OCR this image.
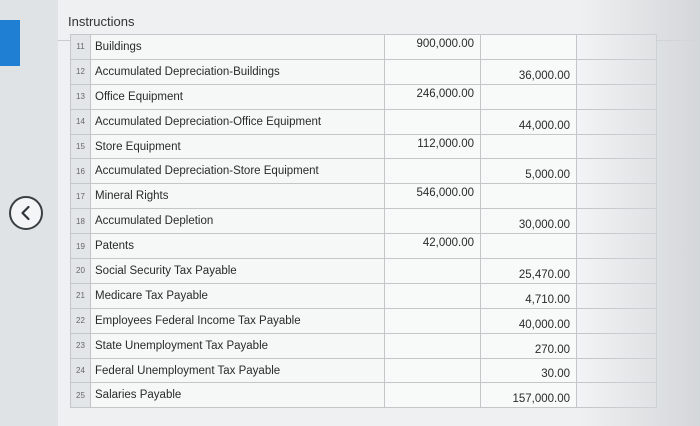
Instructions
11	Buildings	900,000.00		
12	Accumulated Depreciation-Buildings		36,000.00	
13	Office Equipment	246,000.00		
14	Accumulated Depreciation-Office Equipment		44,000.00	
15	Store Equipment	112,000.00		
16	Accumulated Depreciation-Store Equipment		5,000.00	
17	Mineral Rights	546,000.00		
18	Accumulated Depletion		30,000.00	
19	Patents	42,000.00		
20	Social Security Tax Payable		25,470.00	
21	Medicare Tax Payable		4,710.00	
22	Employees Federal Income Tax Payable		40,000.00	
23	State Unemployment Tax Payable		270.00	
24	Federal Unemployment Tax Payable		30.00	
25	Salaries Payable		157,000.00	
